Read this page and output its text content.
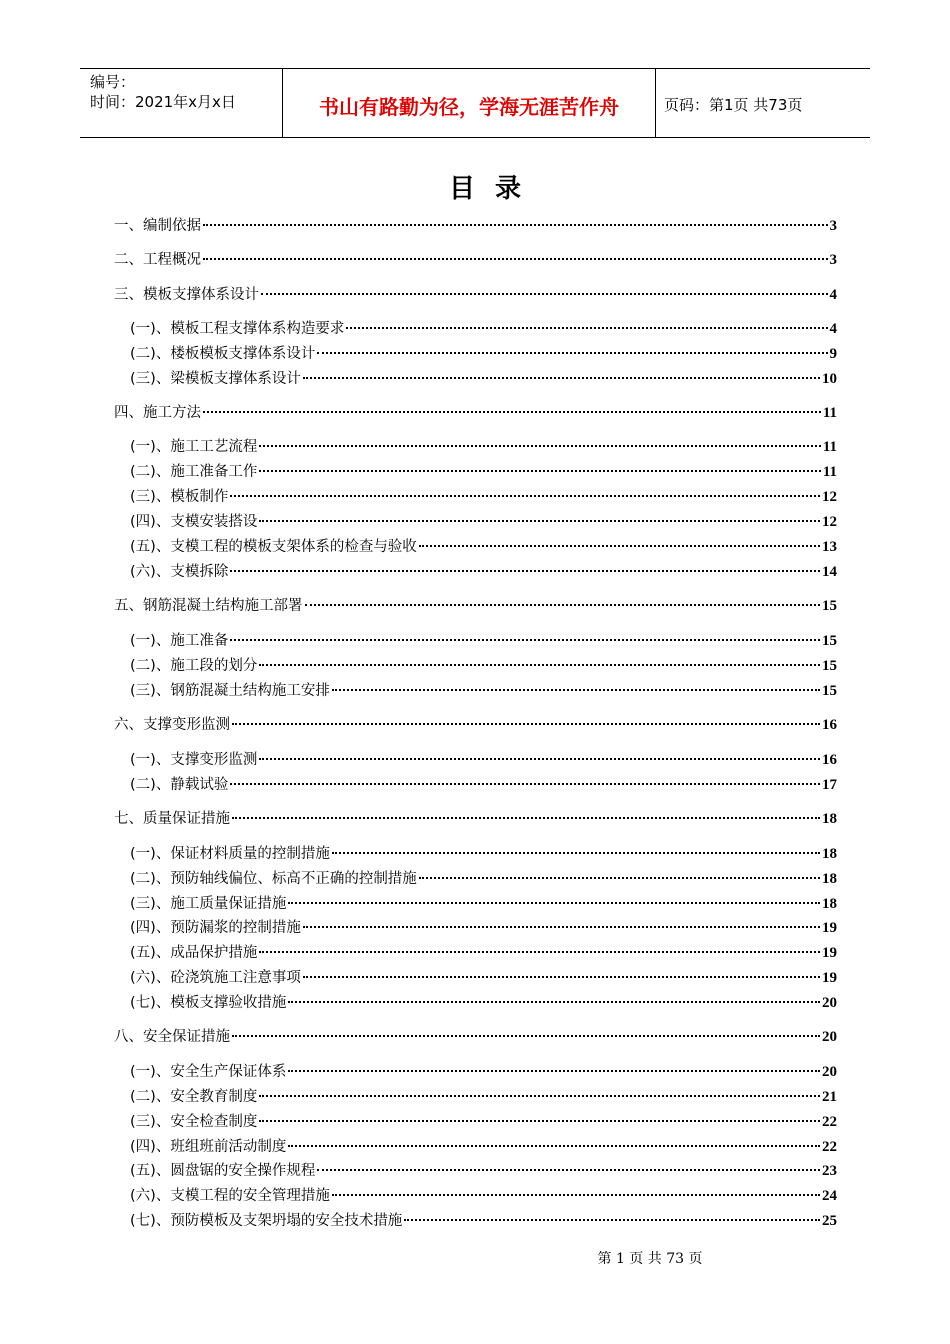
编号：
时间：2021年x月x日	书山有路勤为径，学海无涯苦作舟	页码：第1页 共73页
目录
一、编制依据	3
二、工程概况	3
三、模板支撑体系设计	4
(一)、模板工程支撑体系构造要求	4
(二)、楼板模板支撑体系设计	9
(三)、梁模板支撑体系设计	10
四、施工方法	11
(一)、施工工艺流程	11
(二)、施工准备工作	11
(三)、模板制作	12
(四)、支模安装搭设	12
(五)、支模工程的模板支架体系的检查与验收	13
(六)、支模拆除	14
五、钢筋混凝土结构施工部署	15
(一)、施工准备	15
(二)、施工段的划分	15
(三)、钢筋混凝土结构施工安排	15
六、支撑变形监测	16
(一)、支撑变形监测	16
(二)、静载试验	17
七、质量保证措施	18
(一)、保证材料质量的控制措施	18
(二)、预防轴线偏位、标高不正确的控制措施	18
(三)、施工质量保证措施	18
(四)、预防漏浆的控制措施	19
(五)、成品保护措施	19
(六)、砼浇筑施工注意事项	19
(七)、模板支撑验收措施	20
八、安全保证措施	20
(一)、安全生产保证体系	20
(二)、安全教育制度	21
(三)、安全检查制度	22
(四)、班组班前活动制度	22
(五)、圆盘锯的安全操作规程	23
(六)、支模工程的安全管理措施	24
(七)、预防模板及支架坍塌的安全技术措施	25
第 1 页 共 73 页
